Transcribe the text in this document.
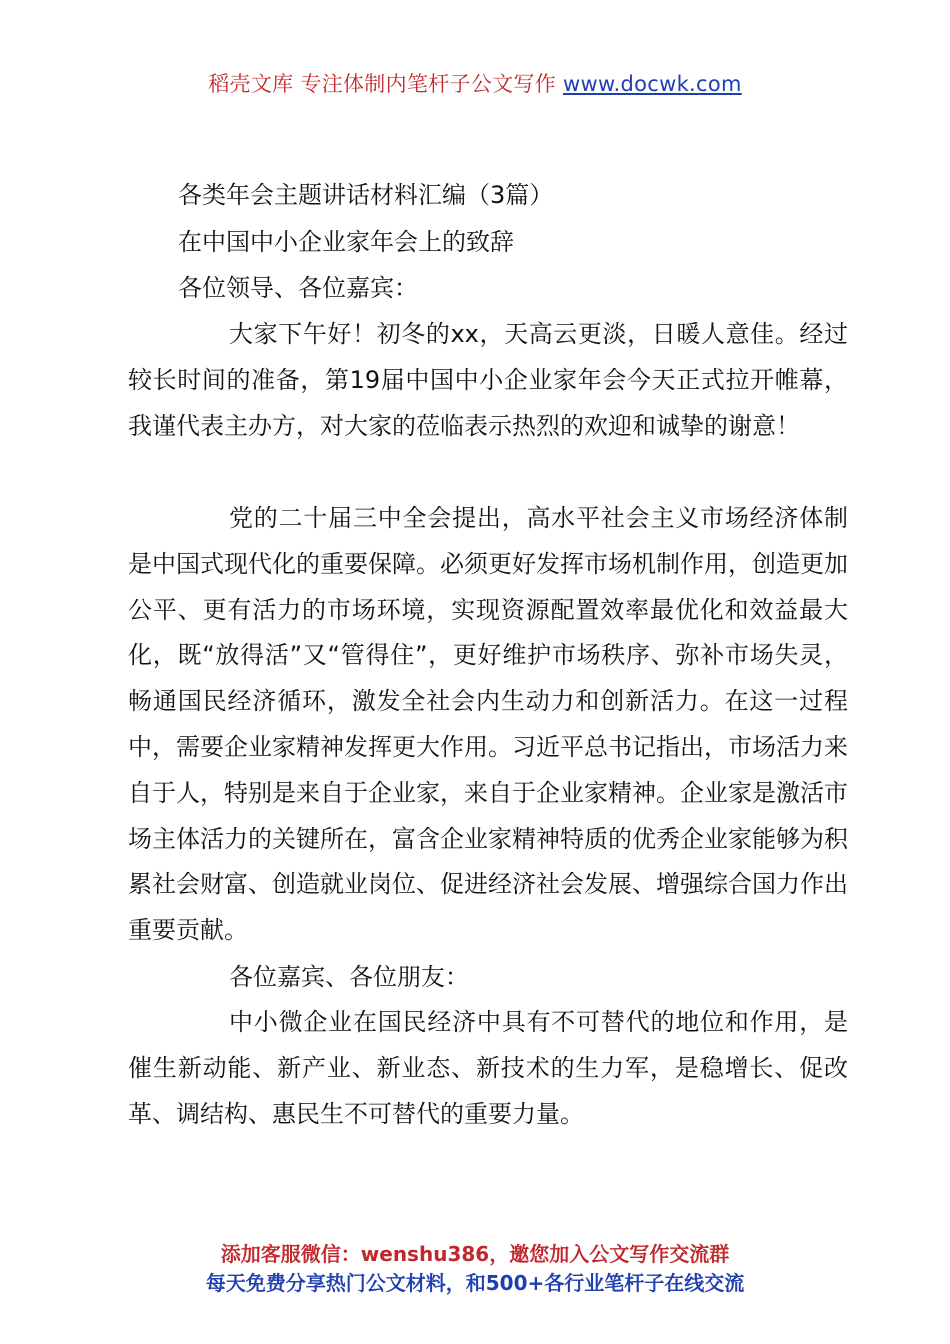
稻壳文库 专注体制内笔杆子公文写作 www.docwk.com
各类年会主题讲话材料汇编（3篇）
在中国中小企业家年会上的致辞
各位领导、各位嘉宾：

大家下午好！初冬的xx，天高云更淡，日暖人意佳。经过较长时间的准备，第19届中国中小企业家年会今天正式拉开帷幕，我谨代表主办方，对大家的莅临表示热烈的欢迎和诚挚的谢意！

党的二十届三中全会提出，高水平社会主义市场经济体制是中国式现代化的重要保障。必须更好发挥市场机制作用，创造更加公平、更有活力的市场环境，实现资源配置效率最优化和效益最大化，既“放得活”又“管得住”，更好维护市场秩序、弥补市场失灵，畅通国民经济循环，激发全社会内生动力和创新活力。在这一过程中，需要企业家精神发挥更大作用。习近平总书记指出，市场活力来自于人，特别是来自于企业家，来自于企业家精神。企业家是激活市场主体活力的关键所在，富含企业家精神特质的优秀企业家能够为积累社会财富、创造就业岗位、促进经济社会发展、增强综合国力作出重要贡献。

各位嘉宾、各位朋友：

中小微企业在国民经济中具有不可替代的地位和作用，是催生新动能、新产业、新业态、新技术的生力军，是稳增长、促改革、调结构、惠民生不可替代的重要力量。

添加客服微信：wenshu386，邀您加入公文写作交流群
每天免费分享热门公文材料，和500+各行业笔杆子在线交流
